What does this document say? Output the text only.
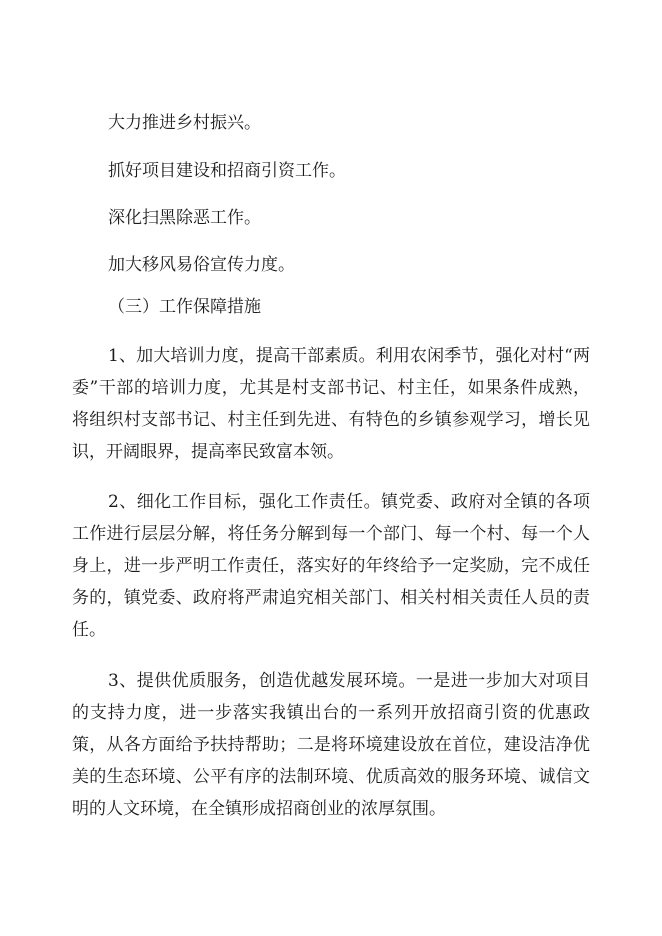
大力推进乡村振兴。

抓好项目建设和招商引资工作。

深化扫黑除恶工作。

加大移风易俗宣传力度。

（三）工作保障措施

1、加大培训力度，提高干部素质。利用农闲季节，强化对村“两委”干部的培训力度，尤其是村支部书记、村主任，如果条件成熟，将组织村支部书记、村主任到先进、有特色的乡镇参观学习，增长见识，开阔眼界，提高率民致富本领。

2、细化工作目标，强化工作责任。镇党委、政府对全镇的各项工作进行层层分解，将任务分解到每一个部门、每一个村、每一个人身上，进一步严明工作责任，落实好的年终给予一定奖励，完不成任务的，镇党委、政府将严肃追究相关部门、相关村相关责任人员的责任。

3、提供优质服务，创造优越发展环境。一是进一步加大对项目的支持力度，进一步落实我镇出台的一系列开放招商引资的优惠政策，从各方面给予扶持帮助；二是将环境建设放在首位，建设洁净优美的生态环境、公平有序的法制环境、优质高效的服务环境、诚信文明的人文环境，在全镇形成招商创业的浓厚氛围。
